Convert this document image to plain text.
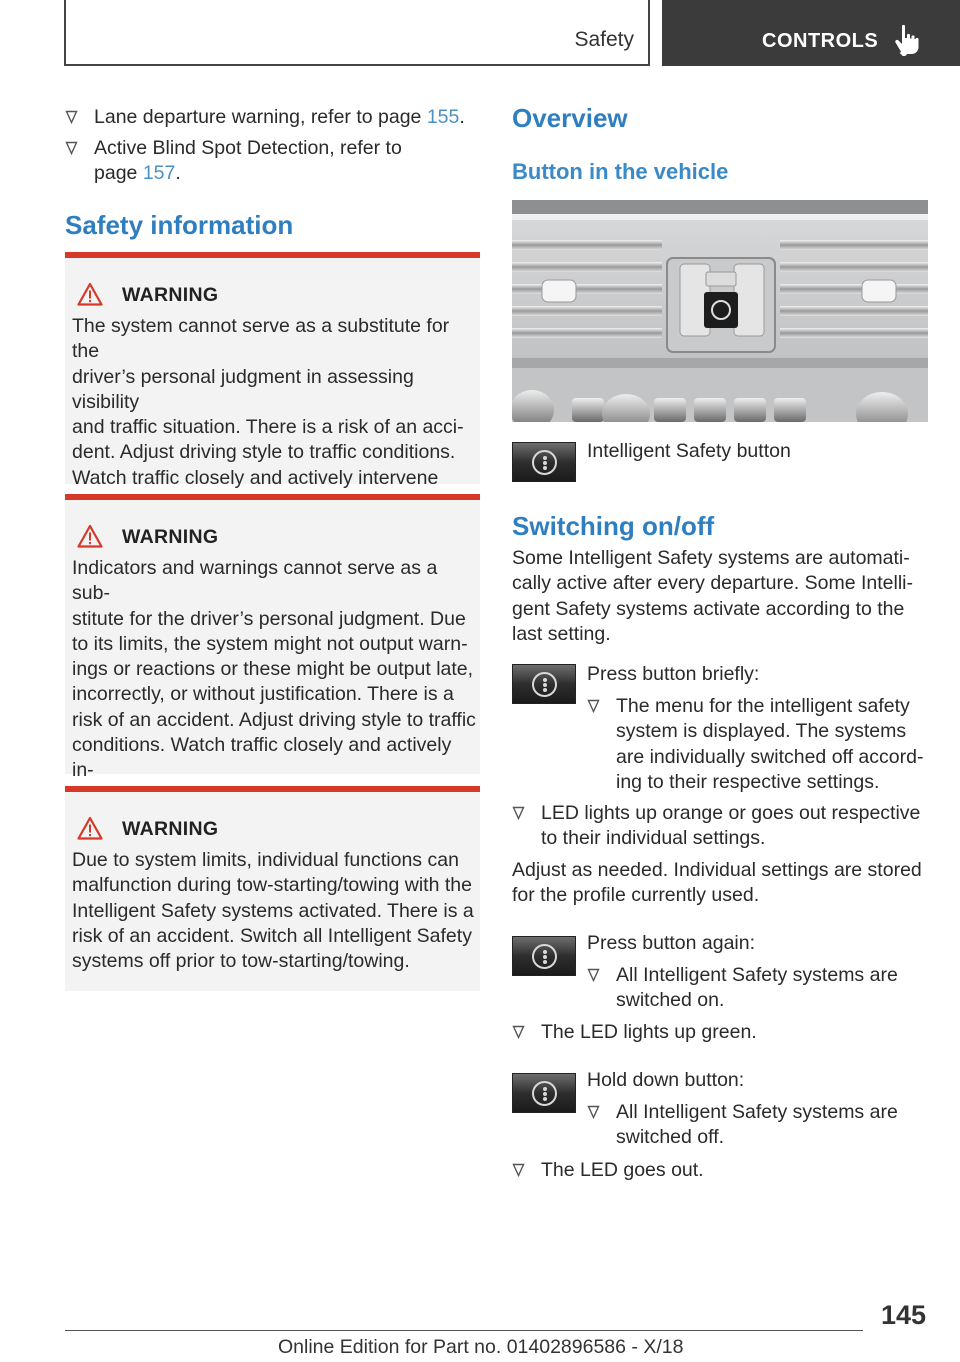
Safety	CONTROLS
Lane departure warning, refer to page 155.
Active Blind Spot Detection, refer to
page 157.
Safety information
WARNING
The system cannot serve as a substitute for the
driver’s personal judgment in assessing visibility
and traffic situation. There is a risk of an acci-
dent. Adjust driving style to traffic conditions.
Watch traffic closely and actively intervene
WARNING
Indicators and warnings cannot serve as a sub-
stitute for the driver’s personal judgment. Due
to its limits, the system might not output warn-
ings or reactions or these might be output late,
incorrectly, or without justification. There is a
risk of an accident. Adjust driving style to traffic
conditions. Watch traffic closely and actively in-
WARNING
Due to system limits, individual functions can
malfunction during tow-starting/towing with the
Intelligent Safety systems activated. There is a
risk of an accident. Switch all Intelligent Safety
systems off prior to tow-starting/towing.
Overview
Button in the vehicle
Intelligent Safety button
Switching on/off
Some Intelligent Safety systems are automati-
cally active after every departure. Some Intelli-
gent Safety systems activate according to the
last setting.
Press button briefly:
The menu for the intelligent safety
system is displayed. The systems
are individually switched off accord-
ing to their respective settings.
LED lights up orange or goes out respective
to their individual settings.
Adjust as needed. Individual settings are stored
for the profile currently used.
Press button again:
All Intelligent Safety systems are
switched on.
The LED lights up green.
Hold down button:
All Intelligent Safety systems are
switched off.
The LED goes out.
145
Online Edition for Part no. 01402896586 - X/18
